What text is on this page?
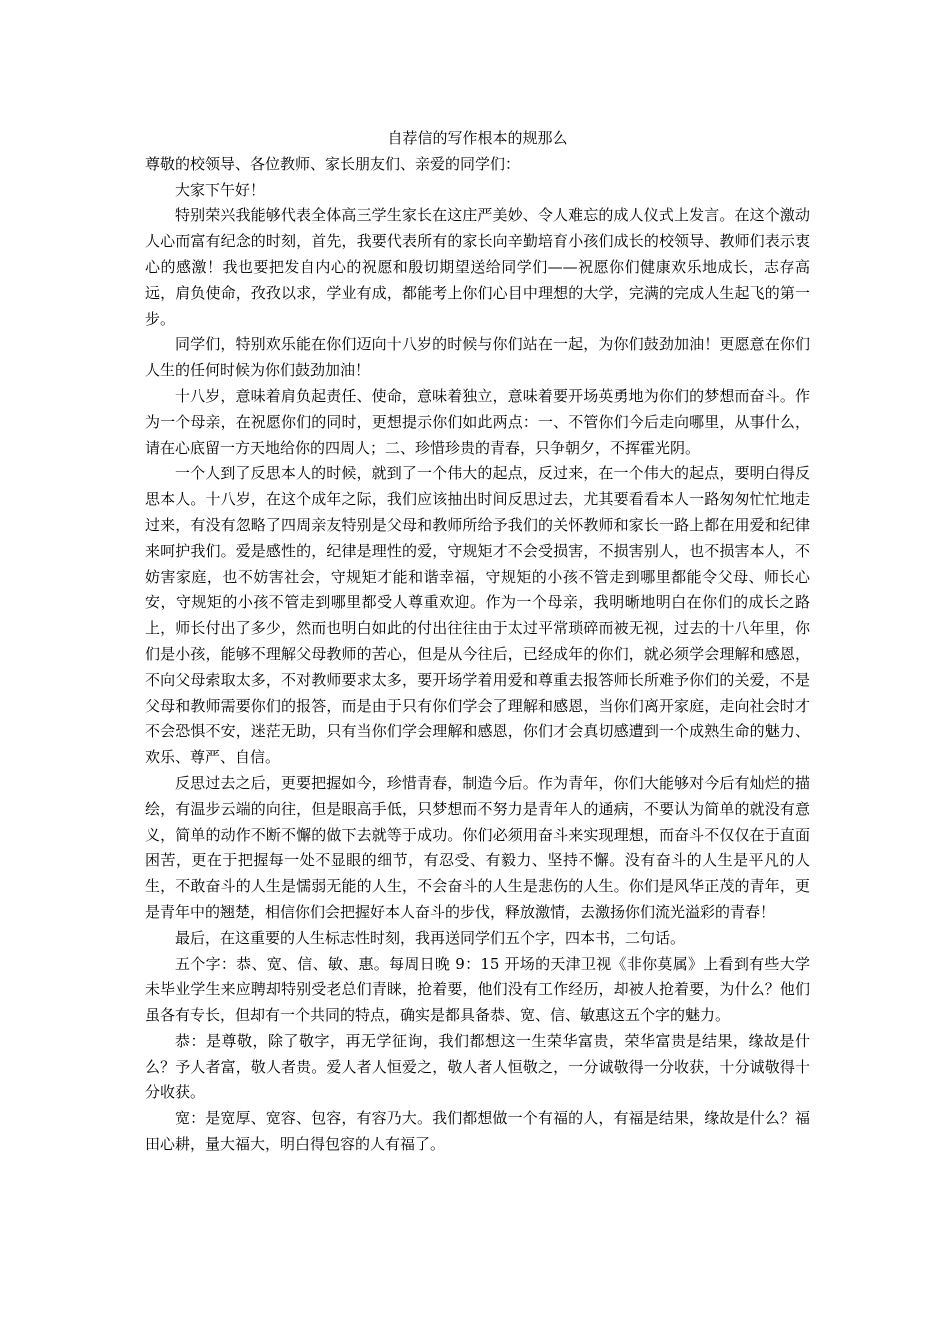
自荐信的写作根本的规那么

尊敬的校领导、各位教师、家长朋友们、亲爱的同学们：

大家下午好！

特别荣兴我能够代表全体高三学生家长在这庄严美妙、令人难忘的成人仪式上发言。在这个激动人心而富有纪念的时刻，首先，我要代表所有的家长向辛勤培育小孩们成长的校领导、教师们表示衷心的感激！我也要把发自内心的祝愿和殷切期望送给同学们——祝愿你们健康欢乐地成长，志存高远，肩负使命，孜孜以求，学业有成，都能考上你们心目中理想的大学，完满的完成人生起飞的第一步。

同学们，特别欢乐能在你们迈向十八岁的时候与你们站在一起，为你们鼓劲加油！更愿意在你们人生的任何时候为你们鼓劲加油！

十八岁，意味着肩负起责任、使命，意味着独立，意味着要开场英勇地为你们的梦想而奋斗。作为一个母亲，在祝愿你们的同时，更想提示你们如此两点：一、不管你们今后走向哪里，从事什么，请在心底留一方天地给你的四周人；二、珍惜珍贵的青春，只争朝夕，不挥霍光阴。

一个人到了反思本人的时候，就到了一个伟大的起点，反过来，在一个伟大的起点，要明白得反思本人。十八岁，在这个成年之际，我们应该抽出时间反思过去，尤其要看看本人一路匆匆忙忙地走过来，有没有忽略了四周亲友特别是父母和教师所给予我们的关怀教师和家长一路上都在用爱和纪律来呵护我们。爱是感性的，纪律是理性的爱，守规矩才不会受损害，不损害别人，也不损害本人，不妨害家庭，也不妨害社会，守规矩才能和谐幸福，守规矩的小孩不管走到哪里都能令父母、师长心安，守规矩的小孩不管走到哪里都受人尊重欢迎。作为一个母亲，我明晰地明白在你们的成长之路上，师长付出了多少，然而也明白如此的付出往往由于太过平常琐碎而被无视，过去的十八年里，你们是小孩，能够不理解父母教师的苦心，但是从今往后，已经成年的你们，就必须学会理解和感恩，不向父母索取太多，不对教师要求太多，要开场学着用爱和尊重去报答师长所难予你们的关爱，不是父母和教师需要你们的报答，而是由于只有你们学会了理解和感恩，当你们离开家庭，走向社会时才不会恐惧不安，迷茫无助，只有当你们学会理解和感恩，你们才会真切感遭到一个成熟生命的魅力、欢乐、尊严、自信。

反思过去之后，更要把握如今，珍惜青春，制造今后。作为青年，你们大能够对今后有灿烂的描绘，有温步云端的向往，但是眼高手低，只梦想而不努力是青年人的通病，不要认为简单的就没有意义，简单的动作不断不懈的做下去就等于成功。你们必须用奋斗来实现理想，而奋斗不仅仅在于直面困苦，更在于把握每一处不显眼的细节，有忍受、有毅力、坚持不懈。没有奋斗的人生是平凡的人生，不敢奋斗的人生是懦弱无能的人生，不会奋斗的人生是悲伤的人生。你们是风华正茂的青年，更是青年中的翘楚，相信你们会把握好本人奋斗的步伐，释放激情，去激扬你们流光溢彩的青春！

最后，在这重要的人生标志性时刻，我再送同学们五个字，四本书，二句话。

五个字：恭、宽、信、敏、惠。每周日晚 9：15 开场的天津卫视《非你莫属》上看到有些大学未毕业学生来应聘却特别受老总们青睐，抢着要，他们没有工作经历，却被人抢着要，为什么？他们虽各有专长，但却有一个共同的特点，确实是都具备恭、宽、信、敏惠这五个字的魅力。

恭：是尊敬，除了敬字，再无学征询，我们都想这一生荣华富贵，荣华富贵是结果，缘故是什么？予人者富，敬人者贵。爱人者人恒爱之，敬人者人恒敬之，一分诚敬得一分收获，十分诚敬得十分收获。

宽：是宽厚、宽容、包容，有容乃大。我们都想做一个有福的人，有福是结果，缘故是什么？福田心耕，量大福大，明白得包容的人有福了。
